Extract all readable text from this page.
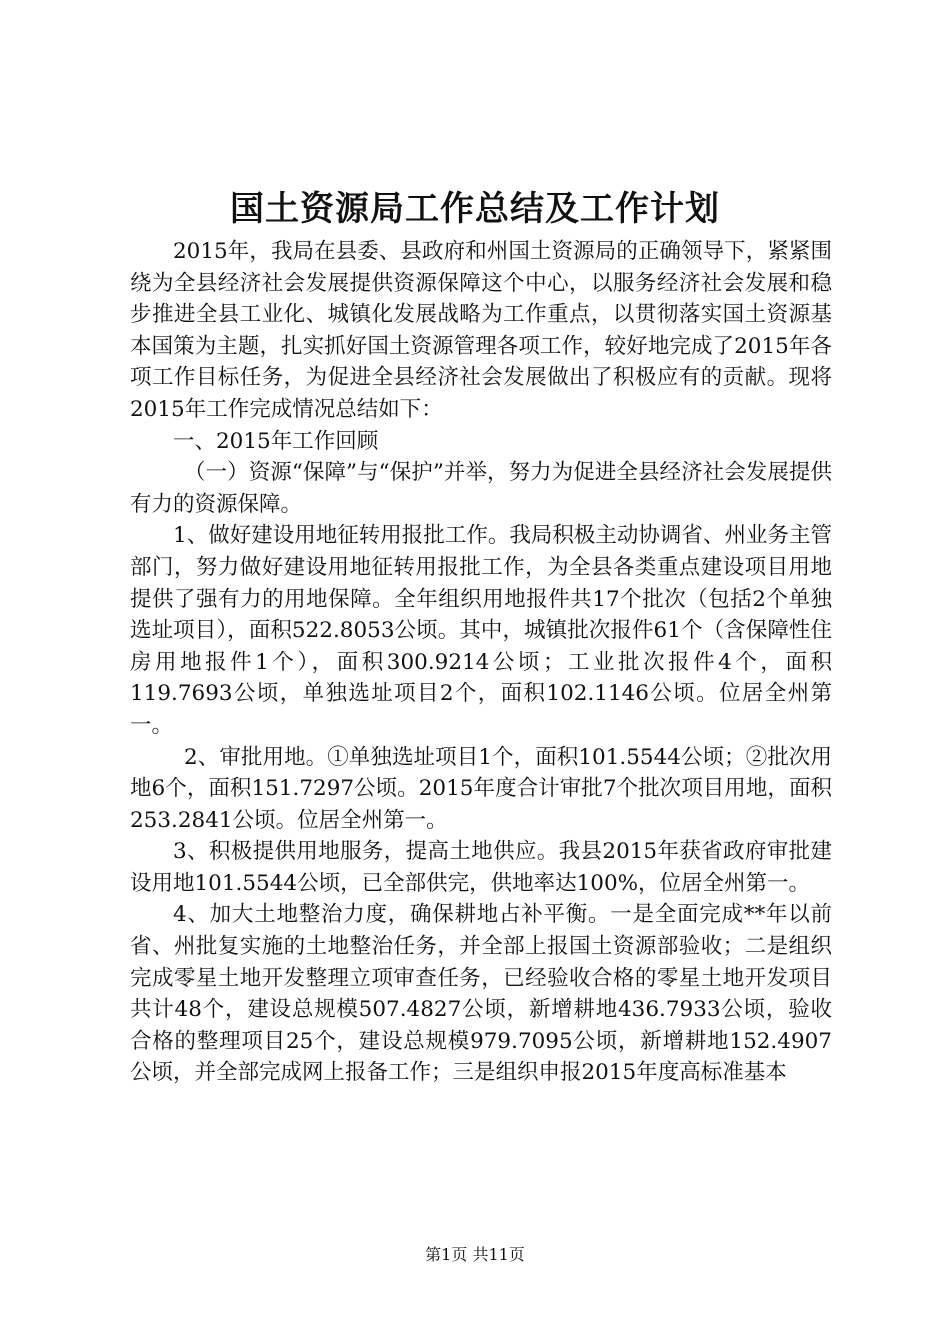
国土资源局工作总结及工作计划

2015年，我局在县委、县政府和州国土资源局的正确领导下，紧紧围绕为全县经济社会发展提供资源保障这个中心，以服务经济社会发展和稳步推进全县工业化、城镇化发展战略为工作重点，以贯彻落实国土资源基本国策为主题，扎实抓好国土资源管理各项工作，较好地完成了2015年各项工作目标任务，为促进全县经济社会发展做出了积极应有的贡献。现将2015年工作完成情况总结如下：

一、2015年工作回顾

（一）资源“保障”与“保护”并举，努力为促进全县经济社会发展提供有力的资源保障。

1、做好建设用地征转用报批工作。我局积极主动协调省、州业务主管部门，努力做好建设用地征转用报批工作，为全县各类重点建设项目用地提供了强有力的用地保障。全年组织用地报件共17个批次（包括2个单独选址项目），面积522.8053公顷。其中，城镇批次报件61个（含保障性住房用地报件1个），面积300.9214公顷；工业批次报件4个，面积119.7693公顷，单独选址项目2个，面积102.1146公顷。位居全州第一。

2、审批用地。①单独选址项目1个，面积101.5544公顷；②批次用地6个，面积151.7297公顷。2015年度合计审批7个批次项目用地，面积253.2841公顷。位居全州第一。

3、积极提供用地服务，提高土地供应。我县2015年获省政府审批建设用地101.5544公顷，已全部供完，供地率达100%，位居全州第一。

4、加大土地整治力度，确保耕地占补平衡。一是全面完成**年以前省、州批复实施的土地整治任务，并全部上报国土资源部验收；二是组织完成零星土地开发整理立项审查任务，已经验收合格的零星土地开发项目共计48个，建设总规模507.4827公顷，新增耕地436.7933公顷，验收合格的整理项目25个，建设总规模979.7095公顷，新增耕地152.4907公顷，并全部完成网上报备工作；三是组织申报2015年度高标准基本

第1页 共11页
